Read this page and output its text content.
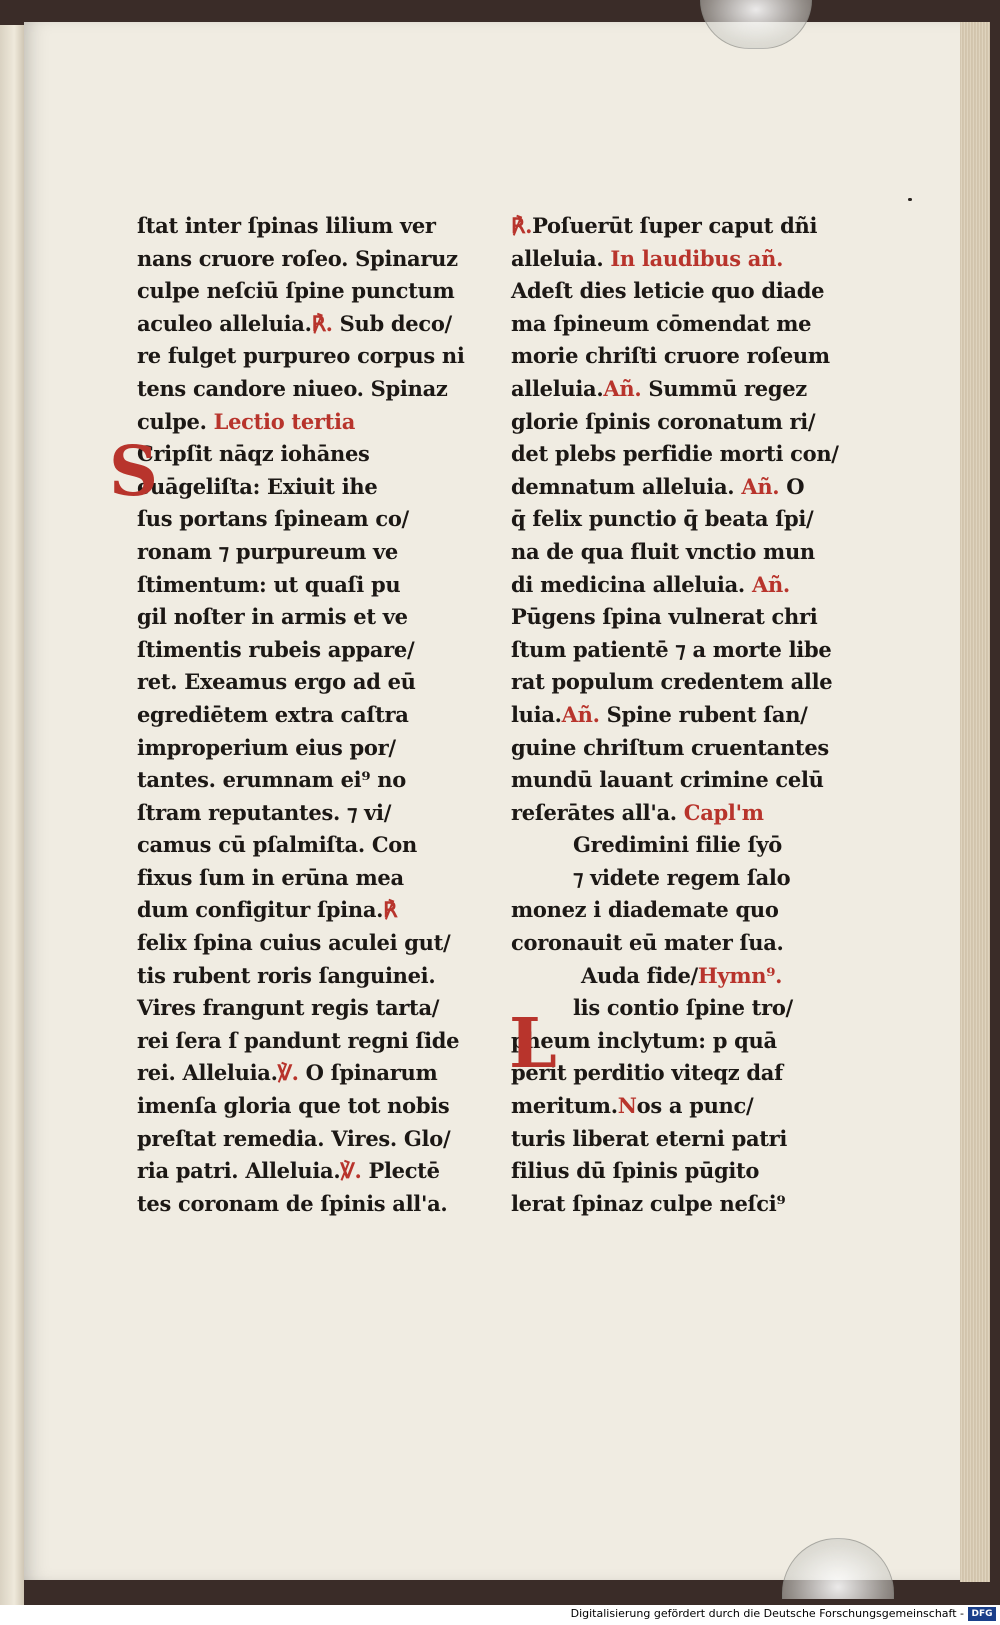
S
ſtat inter ſpinas lilium ver
nans cruore roſeo. Spinaruz
culpe neſciū ſpine punctum
aculeo alleluia.℟. Sub deco/
re fulget purpureo corpus ni
tens candore niueo. Spinaz
culpe. Lectio tertia
Cripſit nāqz iohānes
euāgeliſta: Exiuit ihe
ſus portans ſpineam co/
ronam ⁊ purpureum ve
ſtimentum: ut quaſi pu
gil noſter in armis et ve
ſtimentis rubeis appare/
ret. Exeamus ergo ad eū
egrediētem extra caſtra
improperium eius por/
tantes. erumnam ei⁹ no
ſtram reputantes. ⁊ vi/
camus cū pſalmiſta. Con
fixus ſum in erūna mea
dum configitur ſpina.℟
felix ſpina cuius aculei gut/
tis rubent roris ſanguinei.
Vires frangunt regis tarta/
rei ſera ſ pandunt regni ſide
rei. Alleluia.℣. O ſpinarum
imenſa gloria que tot nobis
preſtat remedia. Vires. Glo/
ria patri. Alleluia.℣. Plectē
tes coronam de ſpinis all'a.
L
℟.Poſuerūt ſuper caput dñi
alleluia. In laudibus añ.
Adeſt dies leticie quo diade
ma ſpineum cōmendat me
morie chriſti cruore roſeum
alleluia.Añ. Summū regez
glorie ſpinis coronatum ri/
det plebs perfidie morti con/
demnatum alleluia. Añ. O
q̄ felix punctio q̄ beata ſpi/
na de qua fluit vnctio mun
di medicina alleluia. Añ.
Pūgens ſpina vulnerat chri
ſtum patientē ⁊ a morte libe
rat populum credentem alle
luia.Añ. Spine rubent ſan/
guine chriſtum cruentantes
mundū lauant crimine celū
reſerātes all'a. Capl'm
Gredimini filie ſyō
⁊ videte regem ſalo
monez i diademate quo
coronauit eū mater ſua.
Auda fide/Hymn⁹.
lis contio ſpine tro/
pheum inclytum: p quā
perit perditio viteqz daf
meritum.Nos a punc/
turis liberat eterni patri
filius dū ſpinis pūgito
lerat ſpinaz culpe neſci⁹
Digitalisierung gefördert durch die Deutsche Forschungsgemeinschaft - DFG
